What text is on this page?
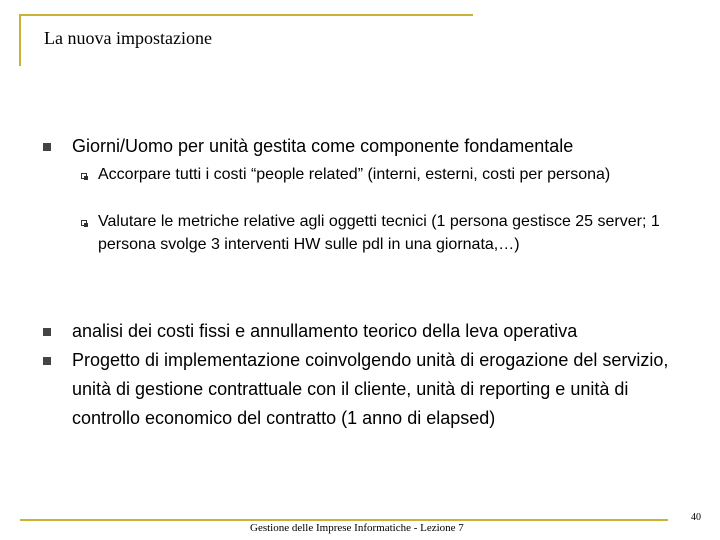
La nuova impostazione
Giorni/Uomo per unità gestita come componente fondamentale
Accorpare tutti i costi “people related” (interni, esterni, costi per persona)
Valutare le metriche relative agli oggetti tecnici (1 persona gestisce 25 server; 1 persona svolge 3 interventi HW sulle pdl in una giornata,…)
analisi dei costi fissi e annullamento teorico della leva operativa
Progetto di implementazione coinvolgendo unità di erogazione del servizio, unità di gestione contrattuale con il cliente, unità di reporting e unità di controllo economico del contratto (1 anno di elapsed)
Gestione delle Imprese Informatiche - Lezione 7
40
